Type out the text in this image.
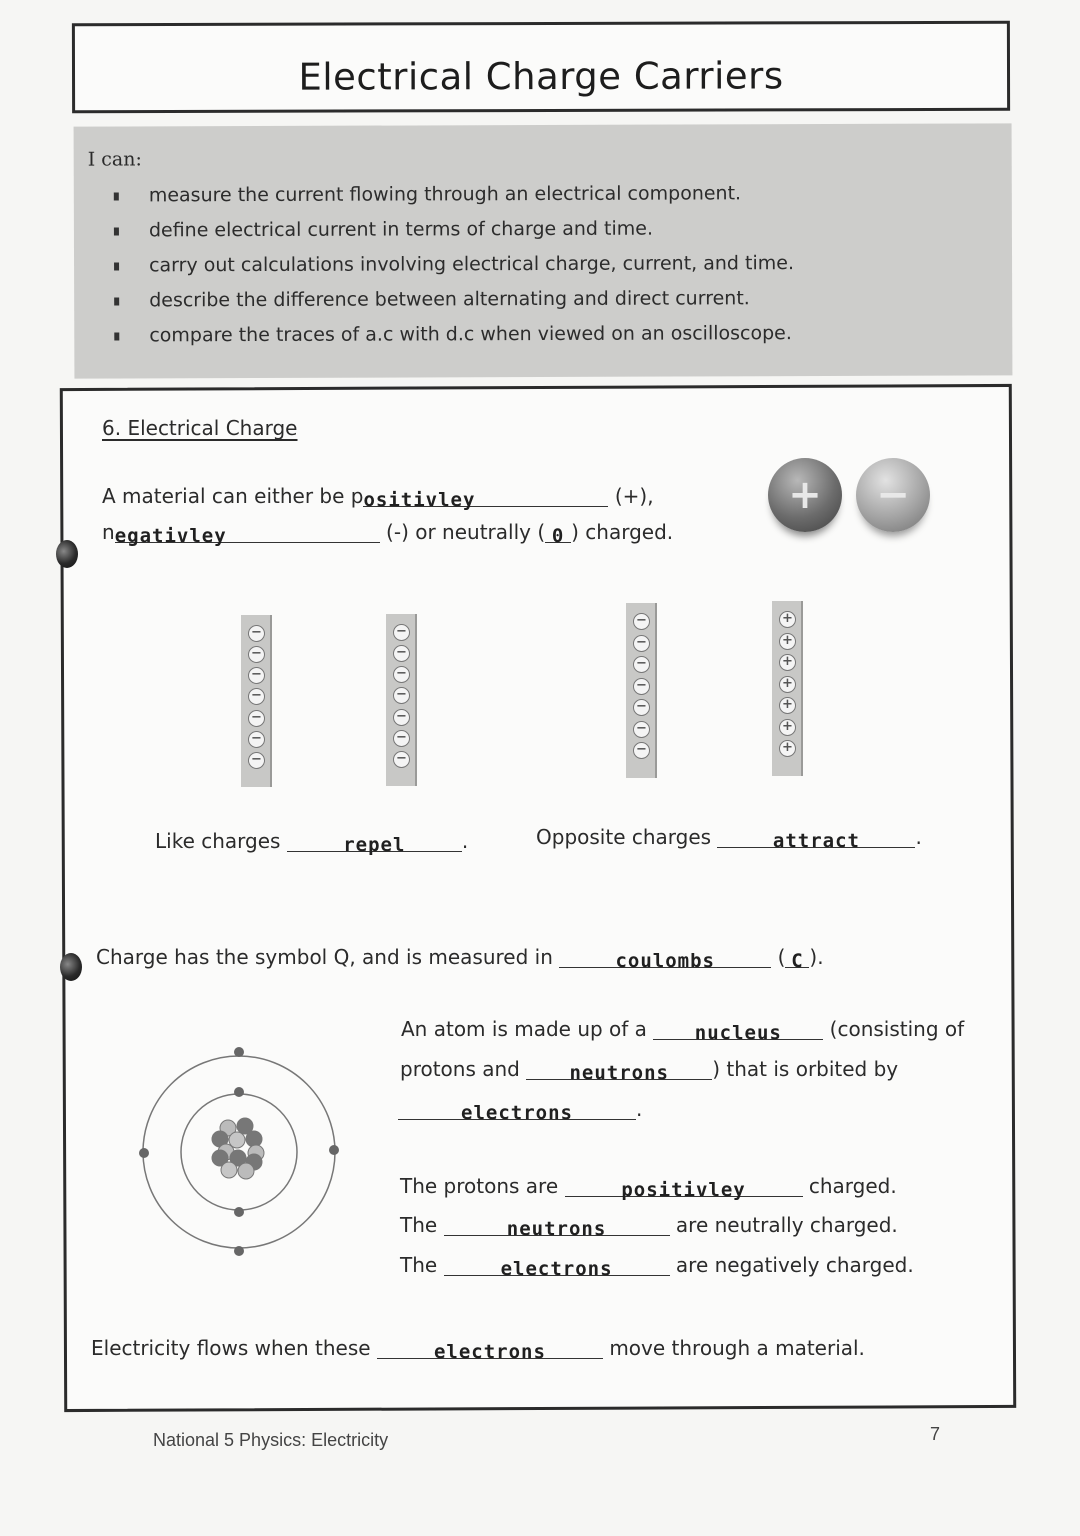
Electrical Charge Carriers
I can:
measure the current flowing through an electrical component.
define electrical current in terms of charge and time.
carry out calculations involving electrical charge, current, and time.
describe the difference between alternating and direct current.
compare the traces of a.c with d.c when viewed on an oscilloscope.
6. Electrical Charge
A material can either be positivley	(+),
negativley	(-) or neutrally ( 0 ) charged.
+	−
−
−
−
−
−
−
−
−
−
−
−
−
−
−
−
−
−
−
−
−
−
+
+
+
+
+
+
+
Like charges	repel	.	Opposite charges	attract	.
Charge has the symbol Q, and is measured in	coulombs	( C ).
An atom is made up of a	nucleus (consisting of
protons and	neutrons ) that is orbited by
electrons	.
The protons are	positivley	charged.
The	neutrons	are neutrally charged.
The	electrons	are negatively charged.
Electricity flows when these	electrons	move through a material.
National 5 Physics: Electricity	7
